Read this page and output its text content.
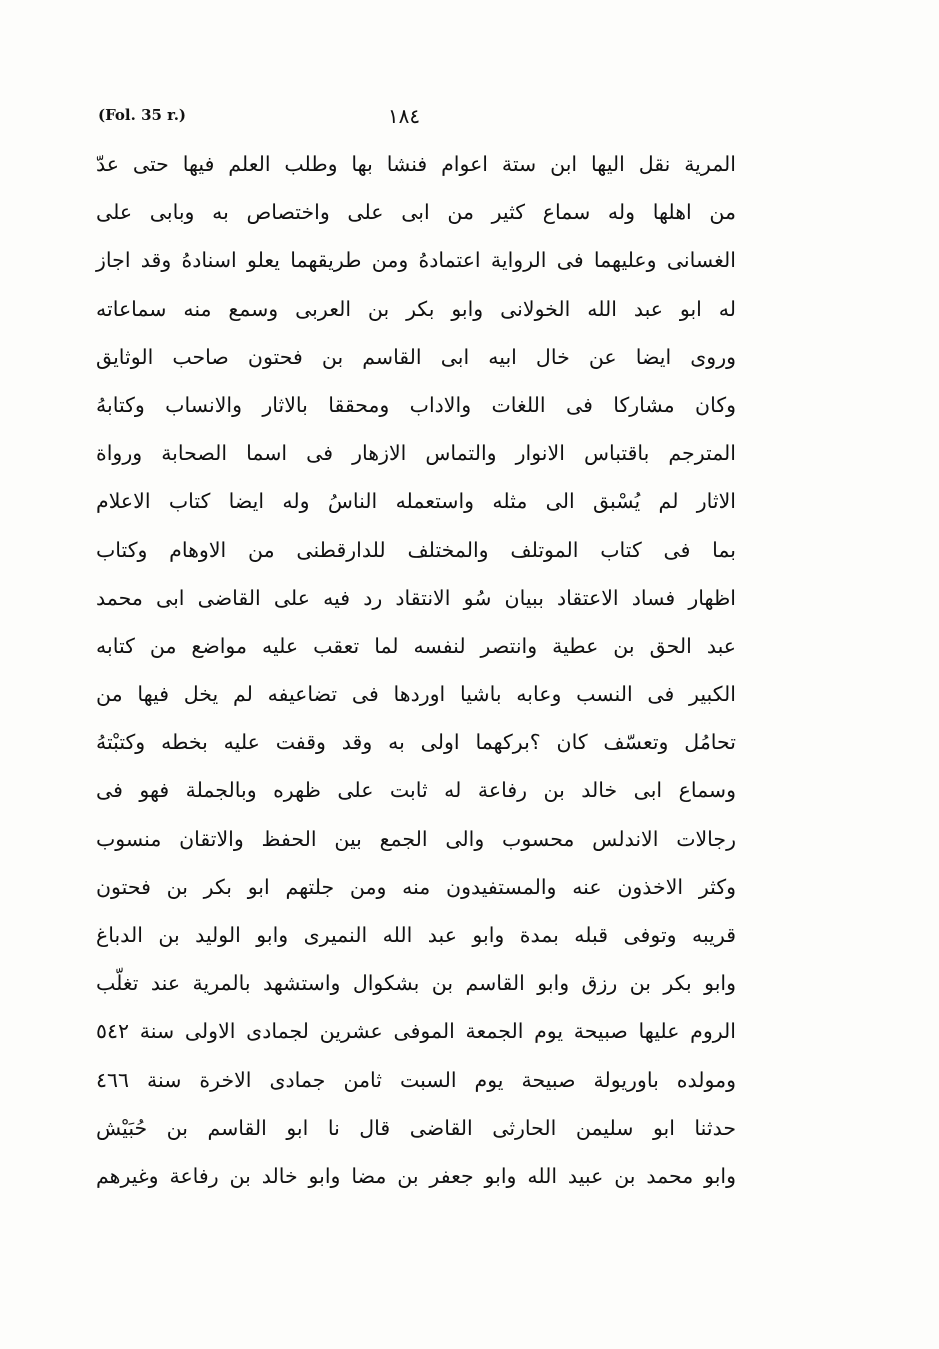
(Fol. 35 r.)	١٨٤
المرية نقل اليها ابن ستة اعوام فنشا بها وطلب العلم فيها حتى عدّ
من اهلها وله سماع كثير من ابى على واختصاص به وبابى على
الغسانى وعليهما فى الرواية اعتمادهُ ومن طريقهما يعلو اسنادهُ وقد اجاز
له ابو عبد الله الخولانى وابو بكر بن العربى وسمع منه سماعاته
وروى ايضا عن خال ابيه ابى القاسم بن فحتون صاحب الوثايق
وكان مشاركا فى اللغات والاداب ومحققا بالاثار والانساب وكتابهُ
المترجم باقتباس الانوار والتماس الازهار فى اسما الصحابة ورواة
الاثار لم يُسْبق الى مثله واستعمله الناسُ وله ايضا كتاب الاعلام
بما فى كتاب الموتلف والمختلف للدارقطنى من الاوهام وكتاب
اظهار فساد الاعتقاد ببيان سُو الانتقاد رد فيه على القاضى ابى محمد
عبد الحق بن عطية وانتصر لنفسه لما تعقب عليه مواضع من كتابه
الكبير فى النسب وعابه باشيا اوردها فى تضاعيفه لم يخل فيها من
تحامُل وتعسّف كان ؟بركهما اولى به وقد وقفت عليه بخطه وكتبْتهُ
وسماع ابى خالد بن رفاعة له ثابت على ظهره وبالجملة فهو فى
رجالات الاندلس محسوب والى الجمع بين الحفظ والاتقان منسوب
وكثر الاخذون عنه والمستفيدون منه ومن جلتهم ابو بكر بن فحتون
قريبه وتوفى قبله بمدة وابو عبد الله النميرى وابو الوليد بن الدباغ
وابو بكر بن رزق وابو القاسم بن بشكوال واستشهد بالمرية عند تغلّب
الروم عليها صبيحة يوم الجمعة الموفى عشرين لجمادى الاولى سنة ٥٤٢
ومولده باوريولة صبيحة يوم السبت ثامن جمادى الاخرة سنة ٤٦٦
حدثنا ابو سليمن الحارثى القاضى قال نا ابو القاسم بن حُبَيْش
وابو محمد بن عبيد الله وابو جعفر بن مضا وابو خالد بن رفاعة وغيرهم
